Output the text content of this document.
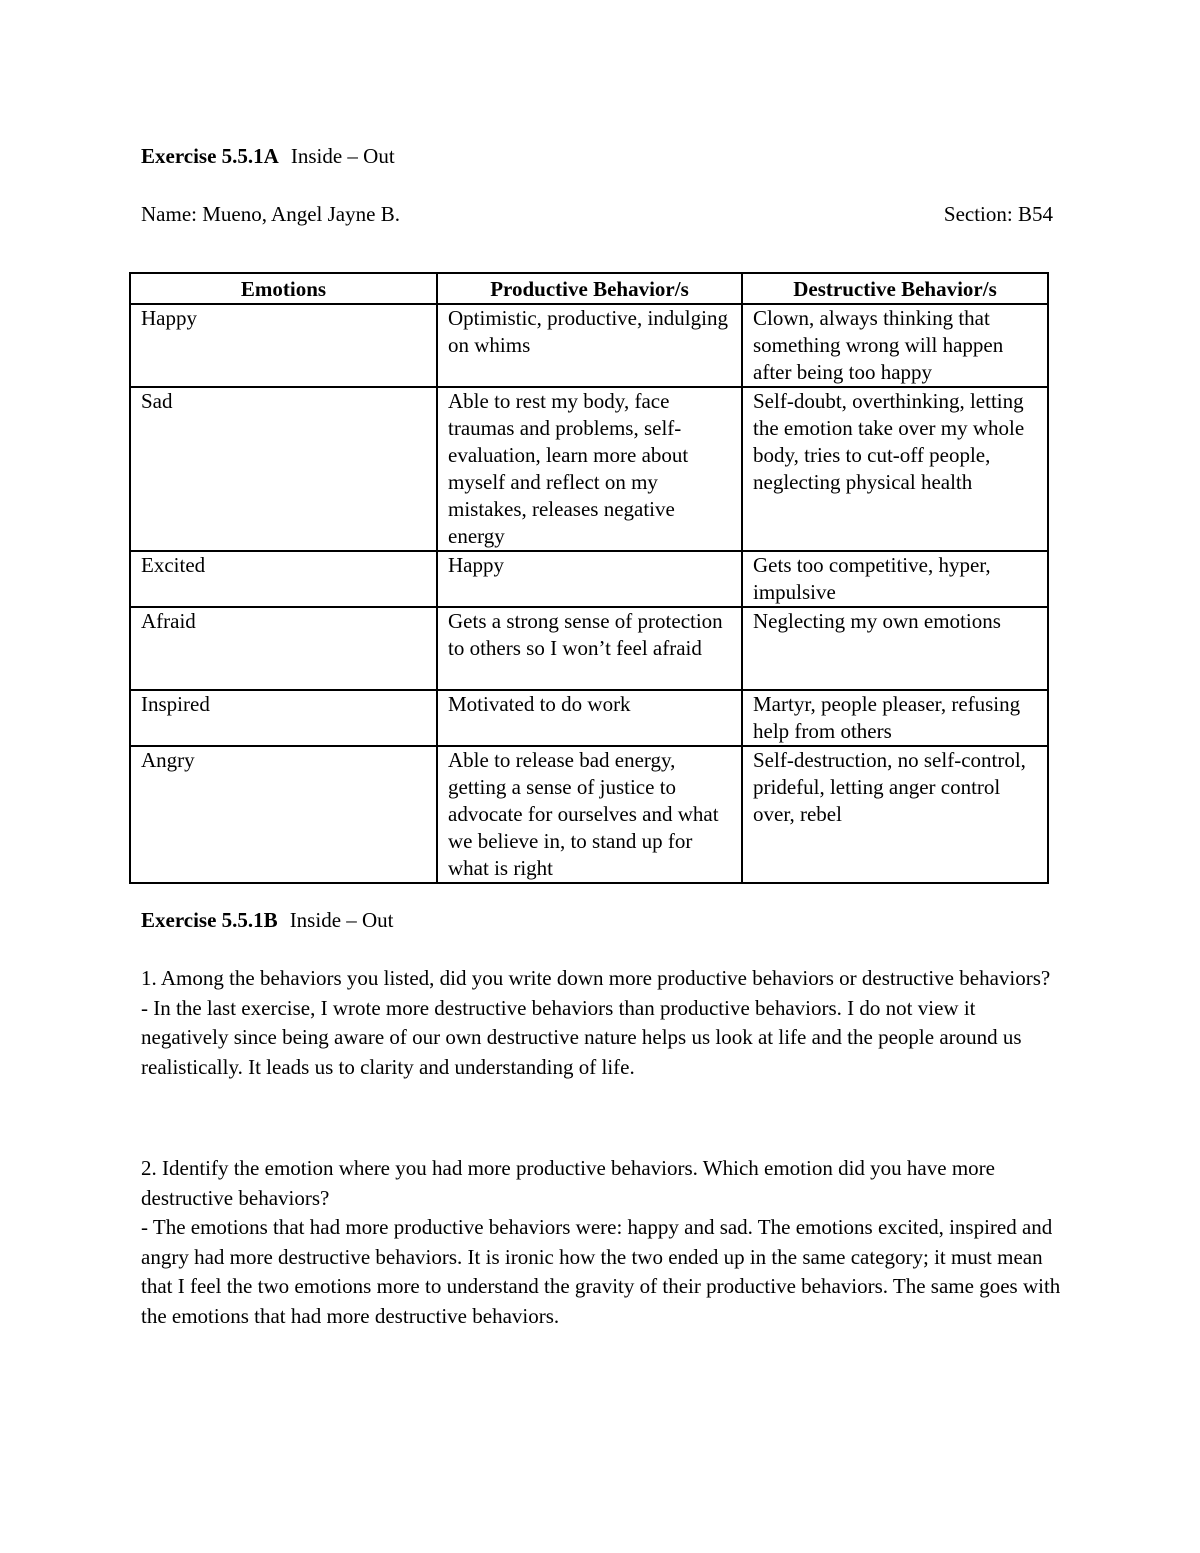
Exercise 5.5.1A Inside – Out
Name: Mueno, Angel Jayne B.	Section: B54
Emotions	Productive Behavior/s	Destructive Behavior/s
Happy	Optimistic, productive, indulging on whims	Clown, always thinking that something wrong will happen after being too happy
Sad	Able to rest my body, face traumas and problems, self-evaluation, learn more about myself and reflect on my mistakes, releases negative energy	Self-doubt, overthinking, letting the emotion take over my whole body, tries to cut-off people, neglecting physical health
Excited	Happy	Gets too competitive, hyper, impulsive
Afraid	Gets a strong sense of protection to others so I won’t feel afraid	Neglecting my own emotions
Inspired	Motivated to do work	Martyr, people pleaser, refusing help from others
Angry	Able to release bad energy, getting a sense of justice to advocate for ourselves and what we believe in, to stand up for what is right	Self-destruction, no self-control, prideful, letting anger control over, rebel
Exercise 5.5.1B Inside – Out

1. Among the behaviors you listed, did you write down more productive behaviors or destructive behaviors?

- In the last exercise, I wrote more destructive behaviors than productive behaviors. I do not view it negatively since being aware of our own destructive nature helps us look at life and the people around us realistically. It leads us to clarity and understanding of life.

2. Identify the emotion where you had more productive behaviors. Which emotion did you have more destructive behaviors?

- The emotions that had more productive behaviors were: happy and sad. The emotions excited, inspired and angry had more destructive behaviors. It is ironic how the two ended up in the same category; it must mean that I feel the two emotions more to understand the gravity of their productive behaviors. The same goes with the emotions that had more destructive behaviors.
